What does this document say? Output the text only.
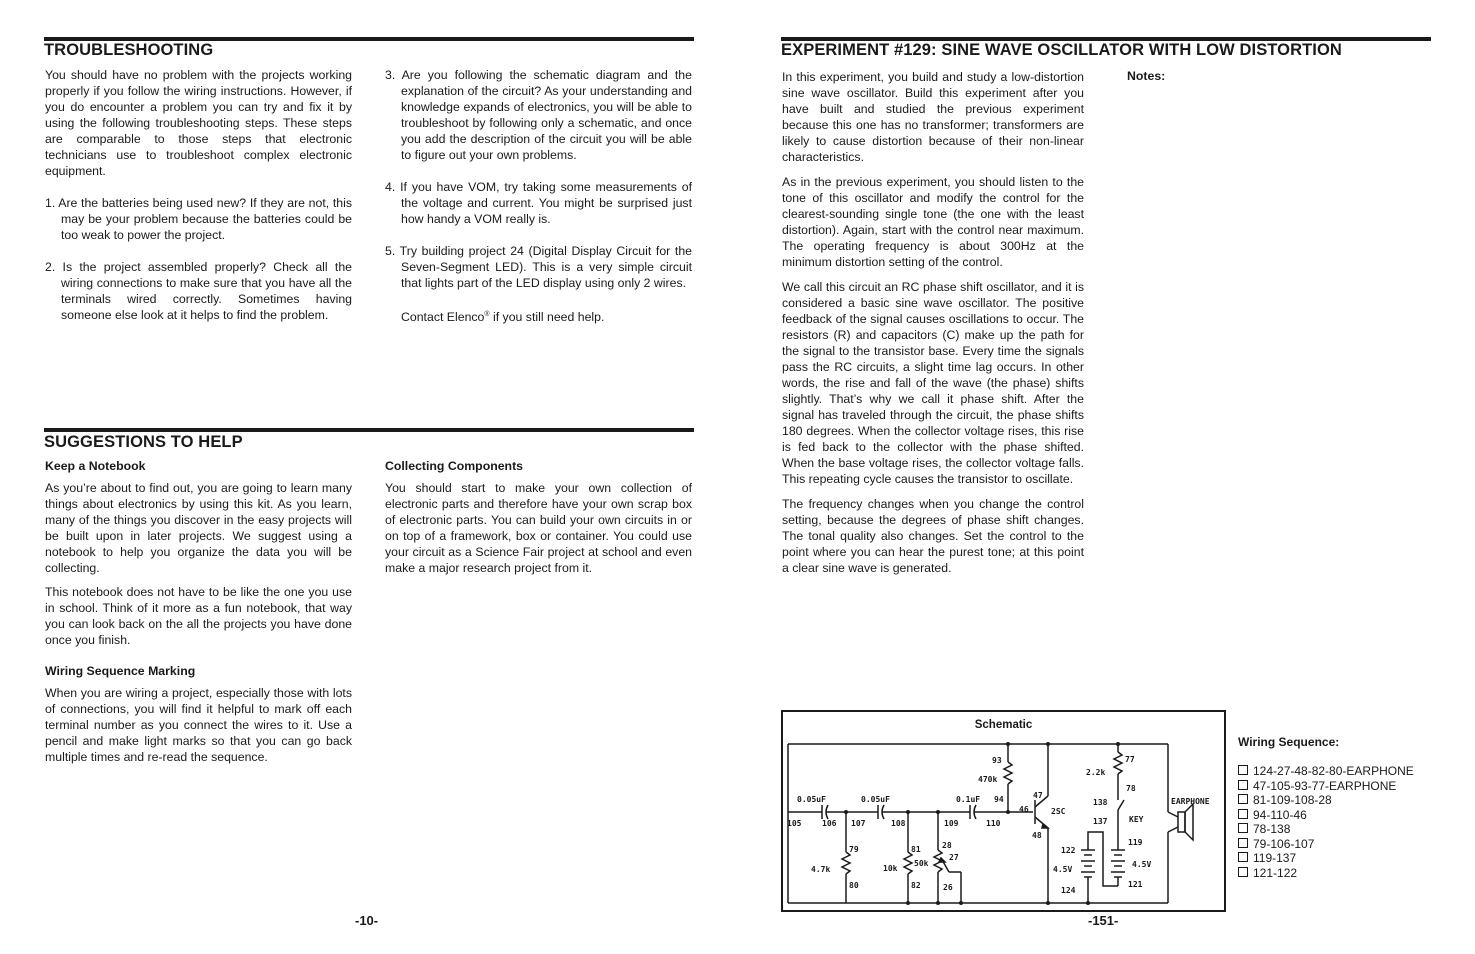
TROUBLESHOOTING

You should have no problem with the projects working properly if you follow the wiring instructions. However, if you do encounter a problem you can try and fix it by using the following troubleshooting steps. These steps are comparable to those steps that electronic technicians use to troubleshoot complex electronic equipment.

1. Are the batteries being used new? If they are not, this may be your problem because the batteries could be too weak to power the project.
2. Is the project assembled properly? Check all the wiring connections to make sure that you have all the terminals wired correctly. Sometimes having someone else look at it helps to find the problem.
3. Are you following the schematic diagram and the explanation of the circuit? As your understanding and knowledge expands of electronics, you will be able to troubleshoot by following only a schematic, and once you add the description of the circuit you will be able to figure out your own problems.
4. If you have VOM, try taking some measurements of the voltage and current. You might be surprised just how handy a VOM really is.
5. Try building project 24 (Digital Display Circuit for the Seven-Segment LED). This is a very simple circuit that lights part of the LED display using only 2 wires.

Contact Elenco® if you still need help.

SUGGESTIONS TO HELP

Keep a Notebook

As you’re about to find out, you are going to learn many things about electronics by using this kit. As you learn, many of the things you discover in the easy projects will be built upon in later projects. We suggest using a notebook to help you organize the data you will be collecting.

This notebook does not have to be like the one you use in school. Think of it more as a fun notebook, that way you can look back on the all the projects you have done once you finish.

Wiring Sequence Marking

When you are wiring a project, especially those with lots of connections, you will find it helpful to mark off each terminal number as you connect the wires to it. Use a pencil and make light marks so that you can go back multiple times and re-read the sequence.

Collecting Components

You should start to make your own collection of electronic parts and therefore have your own scrap box of electronic parts. You can build your own circuits in or on top of a framework, box or container. You could use your circuit as a Science Fair project at school and even make a major research project from it.

-10-
EXPERIMENT #129: SINE WAVE OSCILLATOR WITH LOW DISTORTION

In this experiment, you build and study a low-distortion sine wave oscillator. Build this experiment after you have built and studied the previous experiment because this one has no transformer; transformers are likely to cause distortion because of their non-linear characteristics.

As in the previous experiment, you should listen to the tone of this oscillator and modify the control for the clearest-sounding single tone (the one with the least distortion). Again, start with the control near maximum. The operating frequency is about 300Hz at the minimum distortion setting of the control.

We call this circuit an RC phase shift oscillator, and it is considered a basic sine wave oscillator. The positive feedback of the signal causes oscillations to occur. The resistors (R) and capacitors (C) make up the path for the signal to the transistor base. Every time the signals pass the RC circuits, a slight time lag occurs. In other words, the rise and fall of the wave (the phase) shifts slightly. That’s why we call it phase shift. After the signal has traveled through the circuit, the phase shifts 180 degrees. When the collector voltage rises, this rise is fed back to the collector with the phase shifted. When the base voltage rises, the collector voltage falls. This repeating cycle causes the transistor to oscillate.

The frequency changes when you change the control setting, because the degrees of phase shift changes. The tonal quality also changes. Set the control to the point where you can hear the purest tone; at this point a clear sine wave is generated.

Notes:
Schematic
0.05uF	0.05uF	0.1uF
105	106 107	108	109	110
93
470k
94
46
47
48
2SC
77
2.2k
78
138
137	KEY
79
4.7k
80
81
10k
82
28
27
50k
26
122
4.5V
124
119
4.5V
121
EARPHONE

Wiring Sequence:

124-27-48-82-80-EARPHONE
47-105-93-77-EARPHONE
81-109-108-28
94-110-46
78-138
79-106-107
119-137
121-122
-151-
